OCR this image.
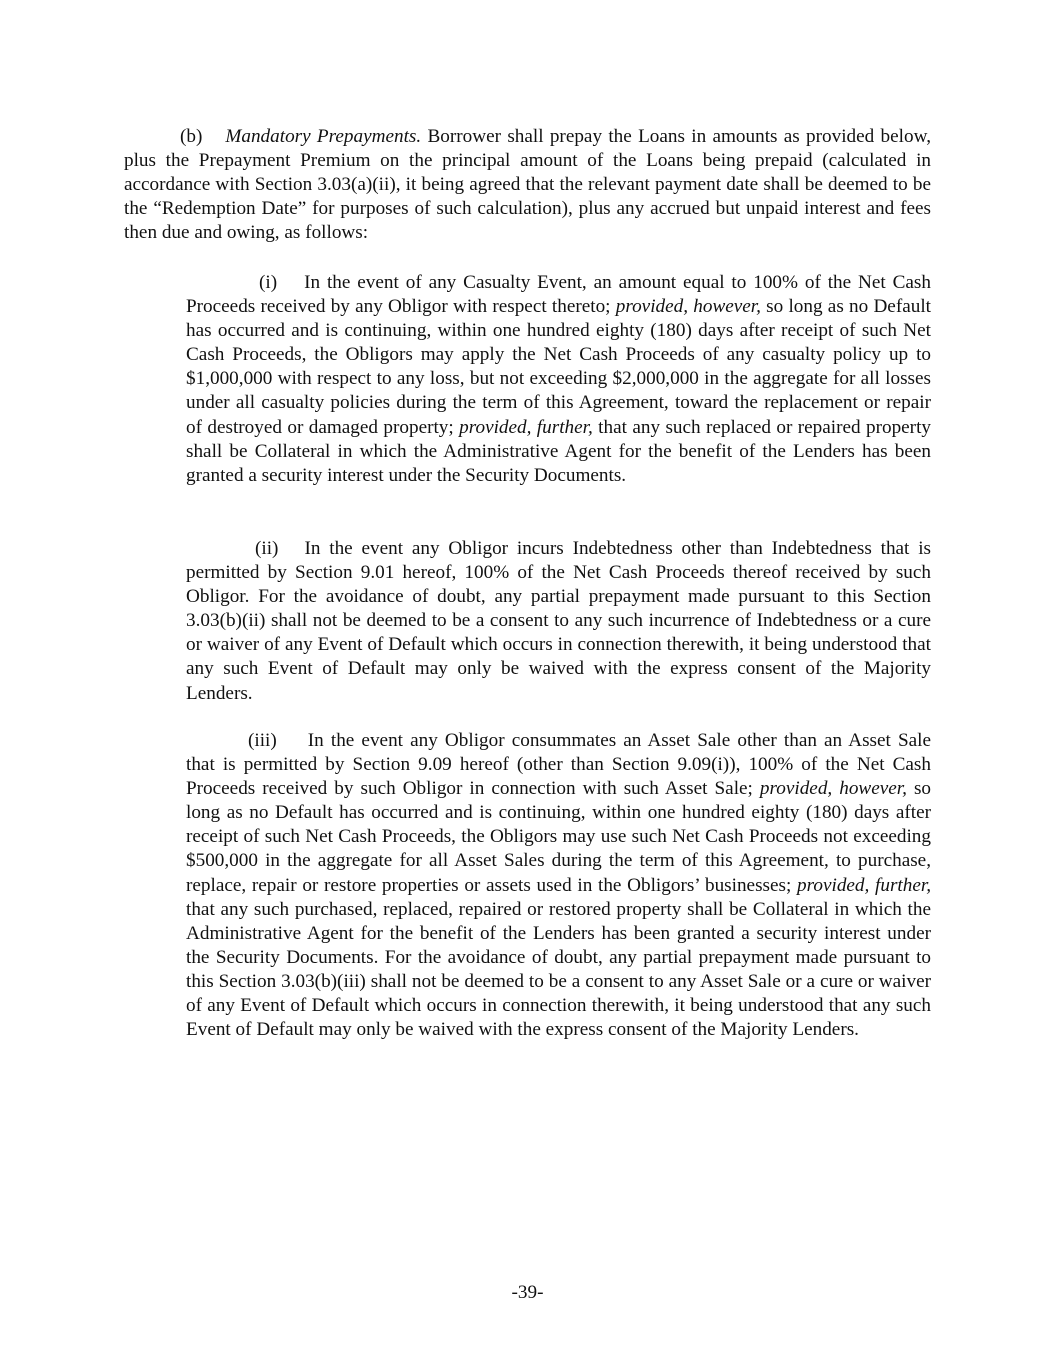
(b) Mandatory Prepayments. Borrower shall prepay the Loans in amounts as provided below, plus the Prepayment Premium on the principal amount of the Loans being prepaid (calculated in accordance with Section 3.03(a)(ii), it being agreed that the relevant payment date shall be deemed to be the “Redemption Date” for purposes of such calculation), plus any accrued but unpaid interest and fees then due and owing, as follows:

(i) In the event of any Casualty Event, an amount equal to 100% of the Net Cash Proceeds received by any Obligor with respect thereto; provided, however, so long as no Default has occurred and is continuing, within one hundred eighty (180) days after receipt of such Net Cash Proceeds, the Obligors may apply the Net Cash Proceeds of any casualty policy up to $1,000,000 with respect to any loss, but not exceeding $2,000,000 in the aggregate for all losses under all casualty policies during the term of this Agreement, toward the replacement or repair of destroyed or damaged property; provided, further, that any such replaced or repaired property shall be Collateral in which the Administrative Agent for the benefit of the Lenders has been granted a security interest under the Security Documents.

(ii) In the event any Obligor incurs Indebtedness other than Indebtedness that is permitted by Section 9.01 hereof, 100% of the Net Cash Proceeds thereof received by such Obligor. For the avoidance of doubt, any partial prepayment made pursuant to this Section 3.03(b)(ii) shall not be deemed to be a consent to any such incurrence of Indebtedness or a cure or waiver of any Event of Default which occurs in connection therewith, it being understood that any such Event of Default may only be waived with the express consent of the Majority Lenders.

(iii) In the event any Obligor consummates an Asset Sale other than an Asset Sale that is permitted by Section 9.09 hereof (other than Section 9.09(i)), 100% of the Net Cash Proceeds received by such Obligor in connection with such Asset Sale; provided, however, so long as no Default has occurred and is continuing, within one hundred eighty (180) days after receipt of such Net Cash Proceeds, the Obligors may use such Net Cash Proceeds not exceeding $500,000 in the aggregate for all Asset Sales during the term of this Agreement, to purchase, replace, repair or restore properties or assets used in the Obligors’ businesses; provided, further, that any such purchased, replaced, repaired or restored property shall be Collateral in which the Administrative Agent for the benefit of the Lenders has been granted a security interest under the Security Documents. For the avoidance of doubt, any partial prepayment made pursuant to this Section 3.03(b)(iii) shall not be deemed to be a consent to any Asset Sale or a cure or waiver of any Event of Default which occurs in connection therewith, it being understood that any such Event of Default may only be waived with the express consent of the Majority Lenders.

-39-
